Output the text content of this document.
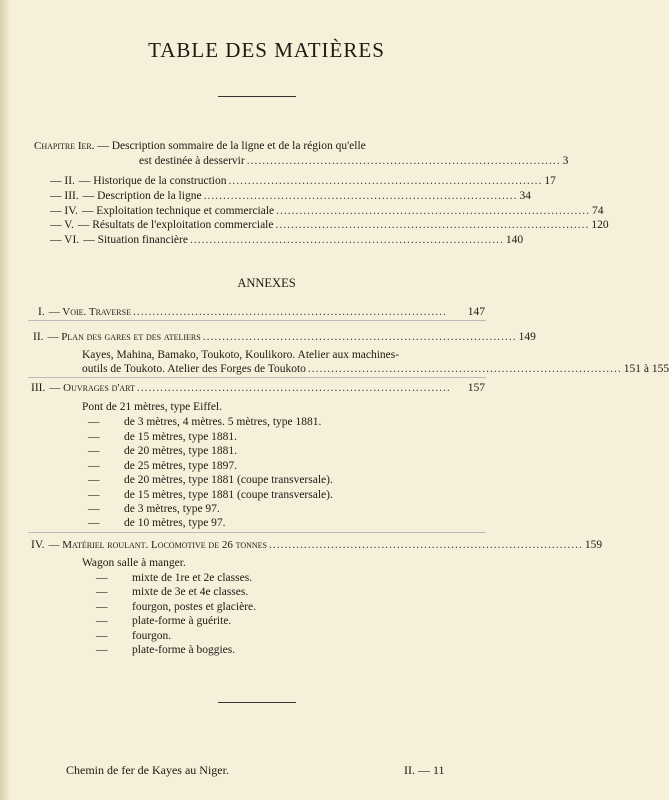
TABLE DES MATIÈRES
Chapitre Ier. — Description sommaire de la ligne et de la région qu'elle
est destinée à desservir ................................................................................. 3
— II. — Historique de la construction ................................................................................. 17
— III. — Description de la ligne ................................................................................. 34
— IV. — Exploitation technique et commerciale ................................................................................. 74
— V. — Résultats de l'exploitation commerciale ................................................................................. 120
— VI. — Situation financière ................................................................................. 140
ANNEXES
I. — Voie. Traverse .................................................................................	147
II. — Plan des gares et des ateliers ................................................................................. 149
Kayes, Mahina, Bamako, Toukoto, Koulikoro. Atelier aux machines-
outils de Toukoto. Atelier des Forges de Toukoto ................................................................................. 151 à 155
III. — Ouvrages d'art .................................................................................	157
Pont de 21 mètres, type Eiffel.
— de 3 mètres, 4 mètres. 5 mètres, type 1881.
— de 15 mètres, type 1881.
— de 20 mètres, type 1881.
— de 25 mètres, type 1897.
— de 20 mètres, type 1881 (coupe transversale).
— de 15 mètres, type 1881 (coupe transversale).
— de 3 mètres, type 97.
— de 10 mètres, type 97.
IV. — Matériel roulant. Locomotive de 26 tonnes ................................................................................. 159
Wagon salle à manger.
— mixte de 1re et 2e classes.
— mixte de 3e et 4e classes.
— fourgon, postes et glacière.
— plate-forme à guérite.
— fourgon.
— plate-forme à boggies.
Chemin de fer de Kayes au Niger.	II. — 11
